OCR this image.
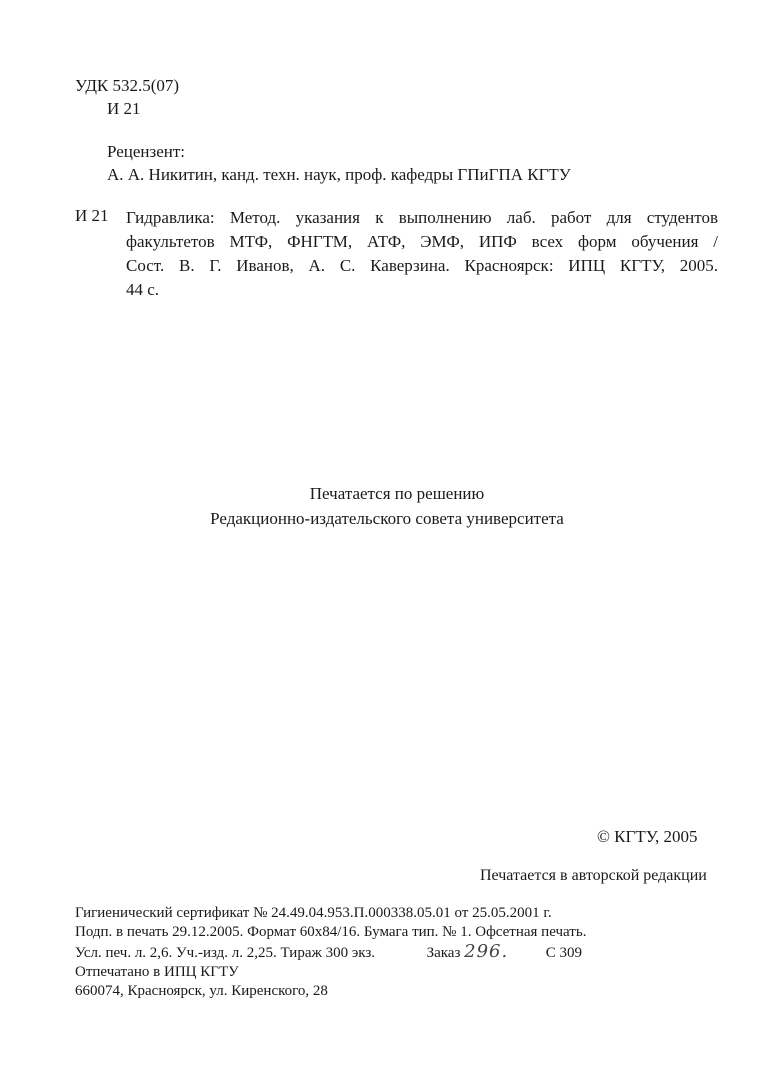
УДК 532.5(07)
И 21
Рецензент:
А. А. Никитин, канд. техн. наук, проф. кафедры ГПиГПА КГТУ
И 21 Гидравлика: Метод. указания к выполнению лаб. работ для студентов
факультетов МТФ, ФНГТМ, АТФ, ЭМФ, ИПФ всех форм обучения /
Сост. В. Г. Иванов, А. С. Каверзина. Красноярск: ИПЦ КГТУ, 2005.
44 с.
Печатается по решению
Редакционно-издательского совета университета
© КГТУ, 2005
Печатается в авторской редакции
Гигиенический сертификат № 24.49.04.953.П.000338.05.01 от 25.05.2001 г.
Подп. в печать 29.12.2005. Формат 60х84/16. Бумага тип. № 1. Офсетная печать.
Усл. печ. л. 2,6. Уч.-изд. л. 2,25. Тираж 300 экз.	Заказ 296.	С 309
Отпечатано в ИПЦ КГТУ
660074, Красноярск, ул. Киренского, 28
